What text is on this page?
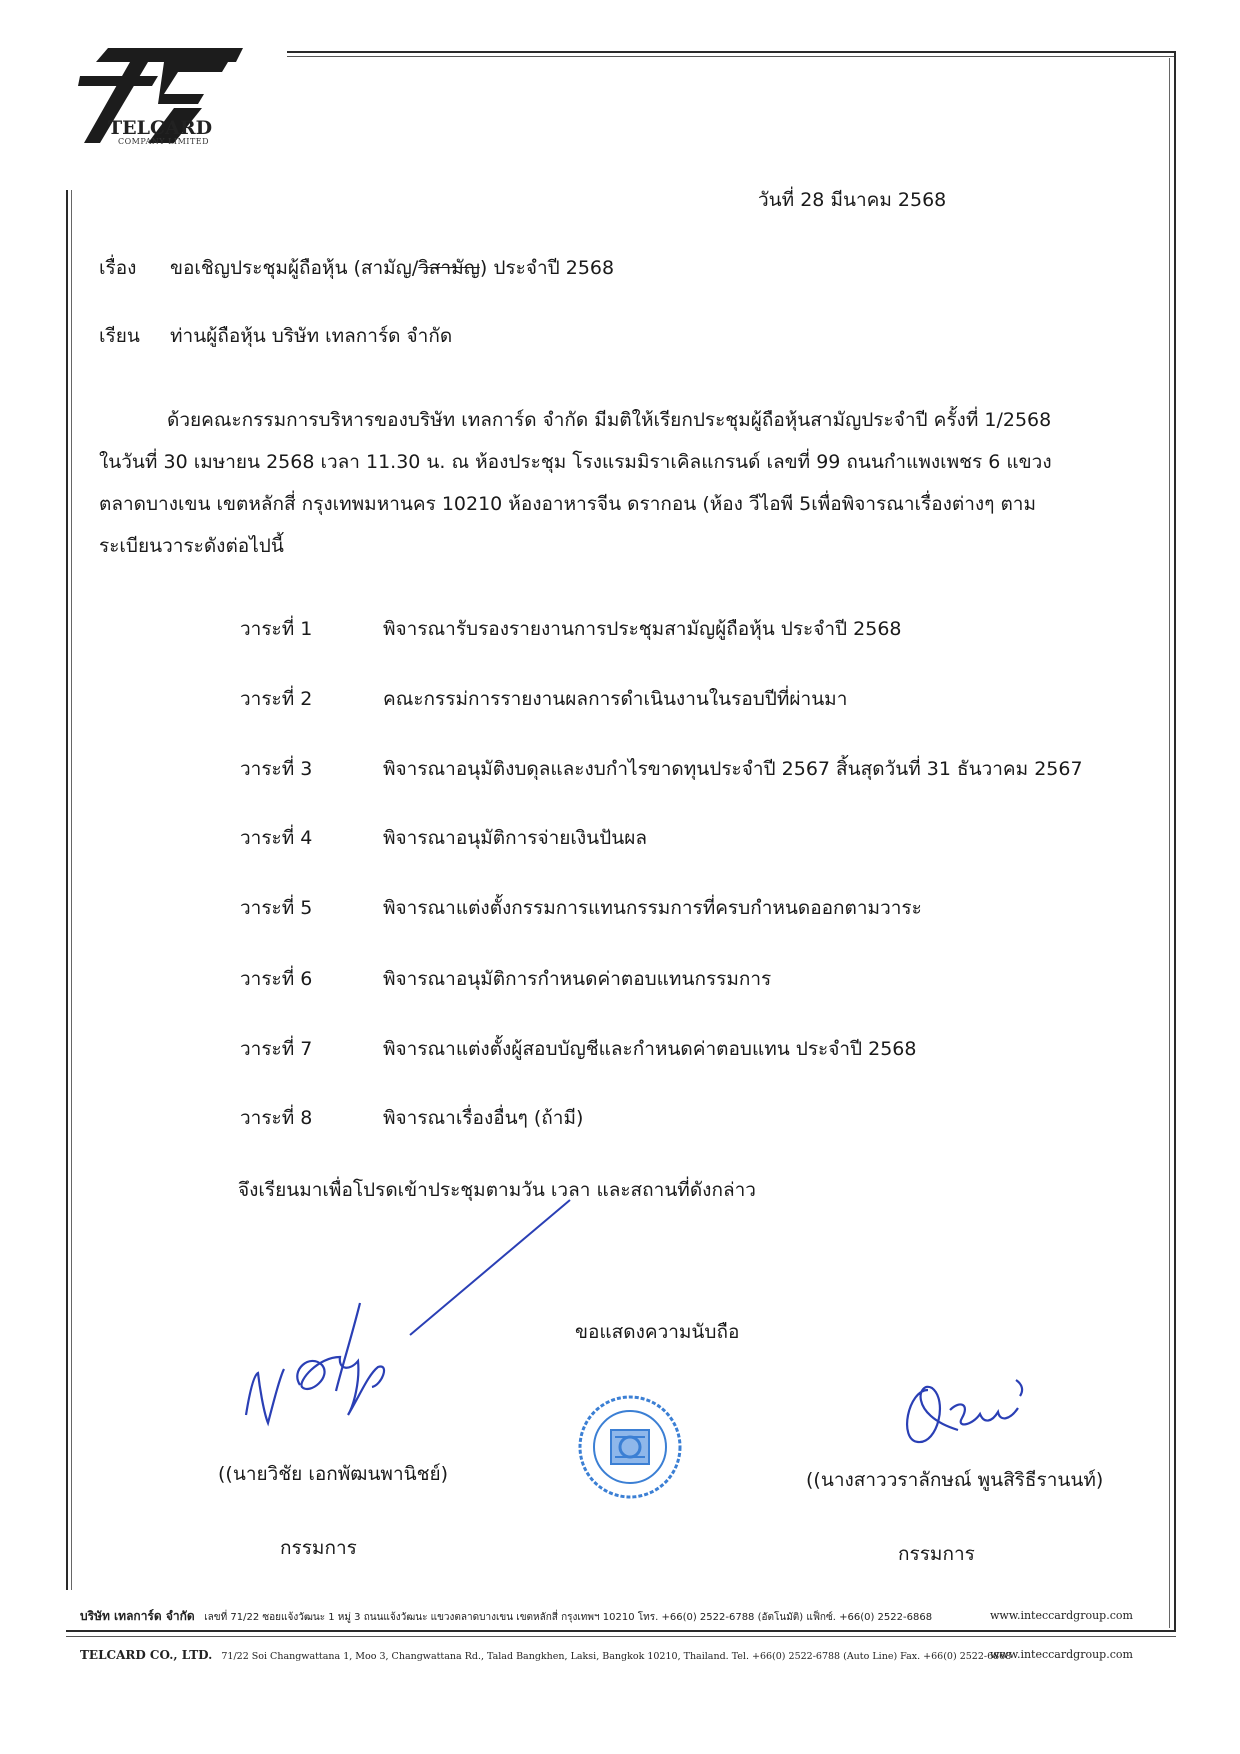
TELCARD
COMPANY LIMITED
วันที่ 28 มีนาคม 2568
เรื่อง ขอเชิญประชุมผู้ถือหุ้น (สามัญ/วิสามัญ) ประจำปี 2568
เรียน ท่านผู้ถือหุ้น บริษัท เทลการ์ด จำกัด
ด้วยคณะกรรมการบริหารของบริษัท เทลการ์ด จำกัด มีมติให้เรียกประชุมผู้ถือหุ้นสามัญประจำปี ครั้งที่ 1/2568
ในวันที่ 30 เมษายน 2568 เวลา 11.30 น. ณ ห้องประชุม โรงแรมมิราเคิลแกรนด์ เลขที่ 99 ถนนกำแพงเพชร 6 แขวง
ตลาดบางเขน เขตหลักสี่ กรุงเทพมหานคร 10210 ห้องอาหารจีน ดรากอน (ห้อง วีไอพี 5เพื่อพิจารณาเรื่องต่างๆ ตาม
ระเบียนวาระดังต่อไปนี้
วาระที่ 1	พิจารณารับรองรายงานการประชุมสามัญผู้ถือหุ้น ประจำปี 2568
วาระที่ 2	คณะกรรม่การรายงานผลการดำเนินงานในรอบปีที่ผ่านมา
วาระที่ 3	พิจารณาอนุมัติงบดุลและงบกำไรขาดทุนประจำปี 2567 สิ้นสุดวันที่ 31 ธันวาคม 2567
วาระที่ 4	พิจารณาอนุมัติการจ่ายเงินปันผล
วาระที่ 5	พิจารณาแต่งตั้งกรรมการแทนกรรมการที่ครบกำหนดออกตามวาระ
วาระที่ 6	พิจารณาอนุมัติการกำหนดค่าตอบแทนกรรมการ
วาระที่ 7	พิจารณาแต่งตั้งผู้สอบบัญชีและกำหนดค่าตอบแทน ประจำปี 2568
วาระที่ 8	พิจารณาเรื่องอื่นๆ (ถ้ามี)
จึงเรียนมาเพื่อโปรดเข้าประชุมตามวัน เวลา และสถานที่ดังกล่าว
ขอแสดงความนับถือ
((นายวิชัย เอกพัฒนพานิชย์)
กรรมการ
((นางสาววราลักษณ์ พูนสิริธีรานนท์)
กรรมการ
บริษัท เทลการ์ด จำกัด เลขที่ 71/22 ซอยแจ้งวัฒนะ 1 หมู่ 3 ถนนแจ้งวัฒนะ แขวงตลาดบางเขน เขตหลักสี่ กรุงเทพฯ 10210 โทร. +66(0) 2522-6788 (อัตโนมัติ) แฟ็กซ์. +66(0) 2522-6868	www.inteccardgroup.com
TELCARD CO., LTD. 71/22 Soi Changwattana 1, Moo 3, Changwattana Rd., Talad Bangkhen, Laksi, Bangkok 10210, Thailand. Tel. +66(0) 2522-6788 (Auto Line) Fax. +66(0) 2522-6868
www.inteccardgroup.com
